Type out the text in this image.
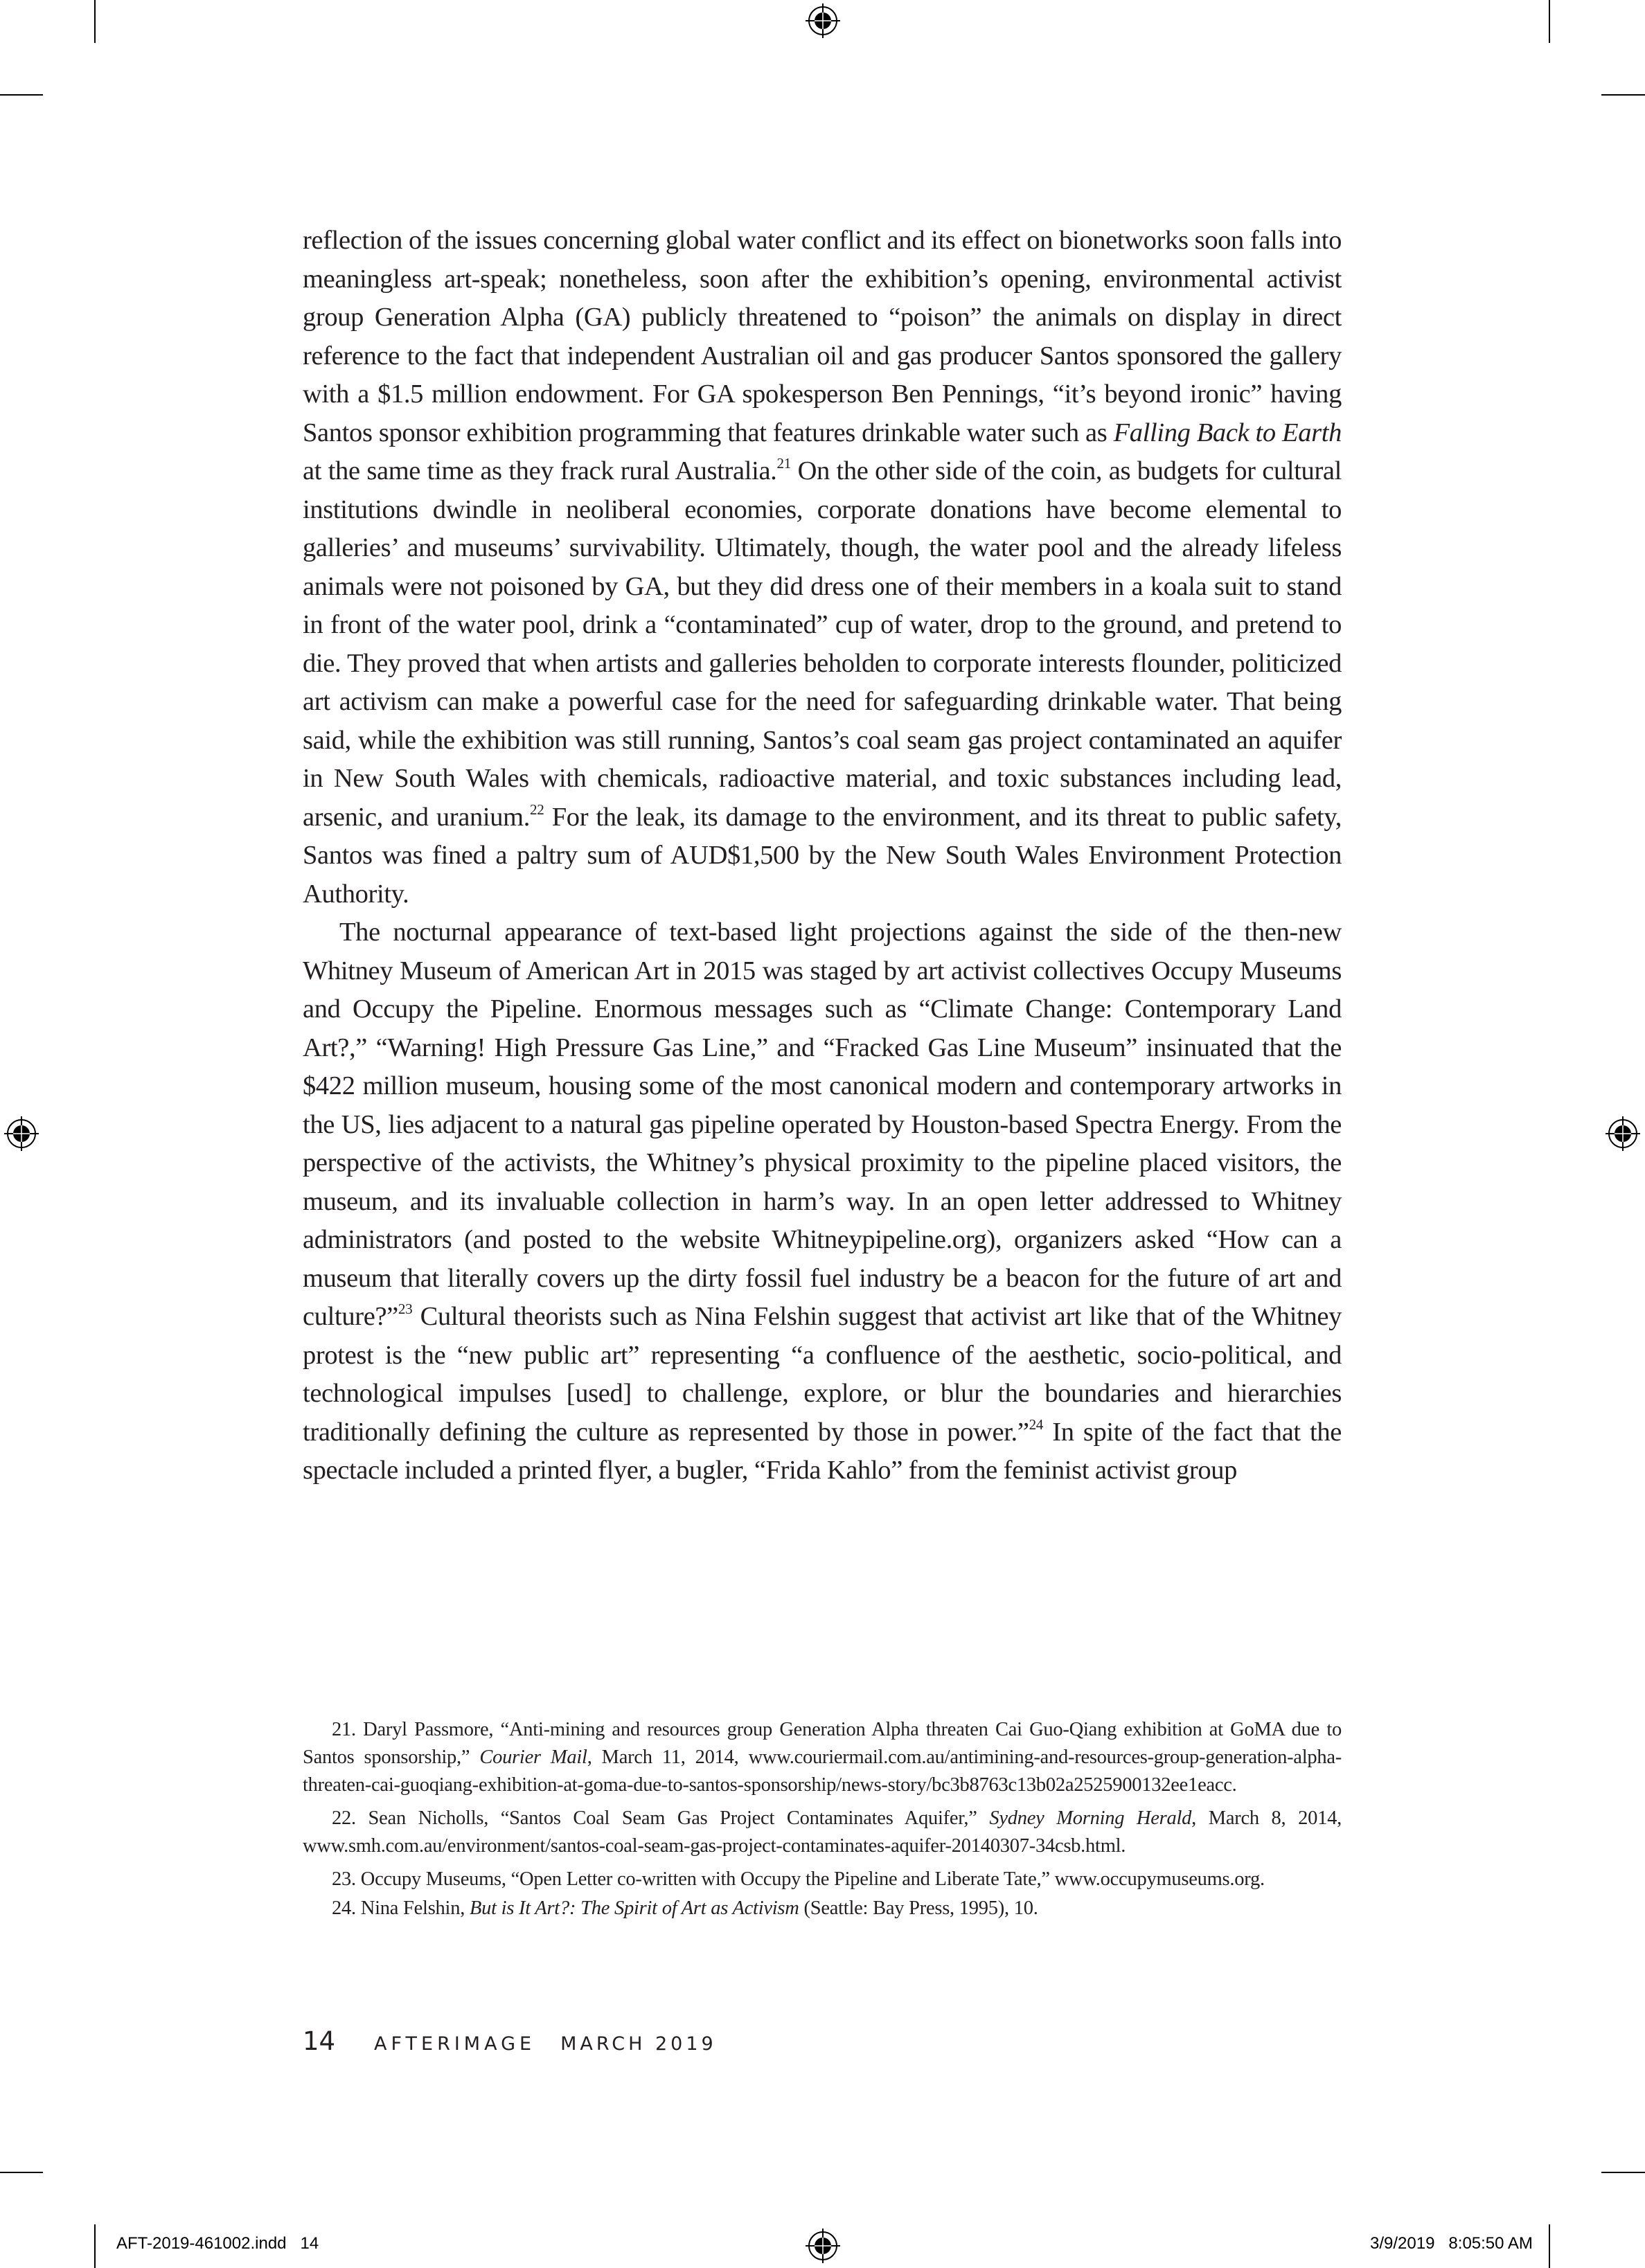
reflection of the issues concerning global water conflict and its effect on bionetworks soon falls into meaningless art-speak; nonetheless, soon after the exhibition’s opening, environmental activist group Generation Alpha (GA) publicly threatened to “poison” the animals on display in direct reference to the fact that independent Australian oil and gas producer Santos sponsored the gallery with a $1.5 million endowment. For GA spokesperson Ben Pennings, “it’s beyond ironic” having Santos sponsor exhibition programming that features drinkable water such as Falling Back to Earth at the same time as they frack rural Australia.$^{21}$ On the other side of the coin, as budgets for cultural institutions dwindle in neoliberal economies, corporate donations have become elemental to galleries’ and museums’ survivability. Ultimately, though, the water pool and the already lifeless animals were not poisoned by GA, but they did dress one of their members in a koala suit to stand in front of the water pool, drink a “contaminated” cup of water, drop to the ground, and pretend to die. They proved that when artists and galleries beholden to corporate interests flounder, politicized art activism can make a powerful case for the need for safeguarding drinkable water. That being said, while the exhibition was still running, Santos’s coal seam gas project contaminated an aquifer in New South Wales with chemicals, radioactive material, and toxic substances including lead, arsenic, and uranium.$^{22}$ For the leak, its damage to the environment, and its threat to public safety, Santos was fined a paltry sum of AUD$1,500 by the New South Wales Environment Protection Authority.

The nocturnal appearance of text-based light projections against the side of the then-new Whitney Museum of American Art in 2015 was staged by art activist collectives Occupy Museums and Occupy the Pipeline. Enormous messages such as “Climate Change: Contemporary Land Art?,” “Warning! High Pressure Gas Line,” and “Fracked Gas Line Museum” insinuated that the $422 million museum, housing some of the most canonical modern and contemporary artworks in the US, lies adjacent to a natural gas pipeline operated by Houston-based Spectra Energy. From the perspective of the activists, the Whitney’s physical proximity to the pipeline placed visitors, the museum, and its invaluable collection in harm’s way. In an open letter addressed to Whitney administrators (and posted to the website Whitneypipeline.org), organizers asked “How can a museum that literally covers up the dirty fossil fuel industry be a beacon for the future of art and culture?”$^{23}$ Cultural theorists such as Nina Felshin suggest that activist art like that of the Whitney protest is the “new public art” representing “a confluence of the aesthetic, socio-political, and technological impulses [used] to challenge, explore, or blur the boundaries and hierarchies traditionally defining the culture as represented by those in power.”$^{24}$ In spite of the fact that the spectacle included a printed flyer, a bugler, “Frida Kahlo” from the feminist activist group

21. Daryl Passmore, “Anti-mining and resources group Generation Alpha threaten Cai Guo-Qiang exhibition at GoMA due to Santos sponsorship,” Courier Mail, March 11, 2014, www.couriermail.com.au/antimining-and-resources-group-generation-alpha-threaten-cai-guoqiang-exhibition-at-goma-due-to-santos-sponsorship/news-story/bc3b8763c13b02a2525900132ee1eacc.

22. Sean Nicholls, “Santos Coal Seam Gas Project Contaminates Aquifer,” Sydney Morning Herald, March 8, 2014, www.smh.com.au/environment/santos-coal-seam-gas-project-contaminates-aquifer-20140307-34csb.html.

23. Occupy Museums, “Open Letter co-written with Occupy the Pipeline and Liberate Tate,” www.occupymuseums.org.

24. Nina Felshin, But is It Art?: The Spirit of Art as Activism (Seattle: Bay Press, 1995), 10.

14	AFTERIMAGE MARCH 2019
AFT-2019-461002.indd   14	3/9/2019   8:05:50 AM
